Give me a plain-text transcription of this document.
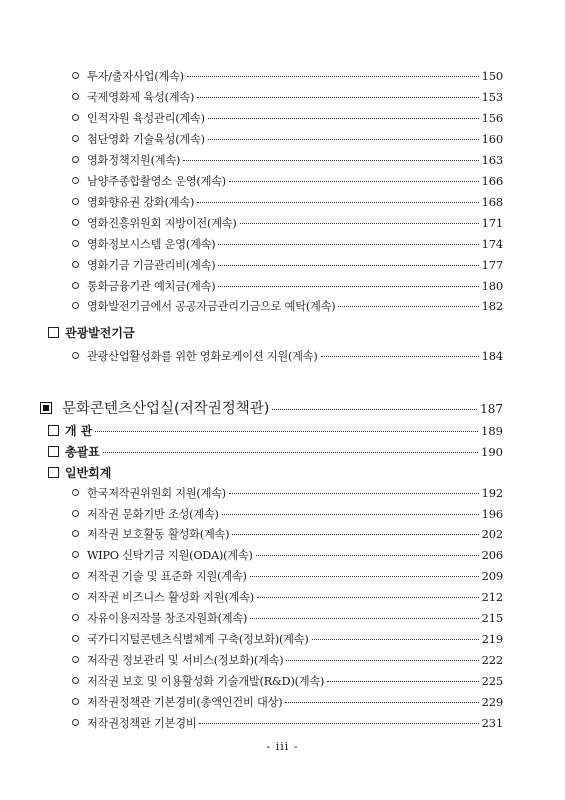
투자/출자사업(계속)	150
국제영화제 육성(계속)	153
인적자원 육성관리(계속)	156
첨단영화 기술육성(계속)	160
영화정책지원(계속)	163
남양주종합촬영소 운영(계속)	166
영화향유권 강화(계속)	168
영화진흥위원회 지방이전(계속)	171
영화정보시스템 운영(계속)	174
영화기금 기금관리비(계속)	177
통화금융기관 예치금(계속)	180
영화발전기금에서 공공자금관리기금으로 예탁(계속)	182
관광발전기금
관광산업활성화를 위한 영화로케이션 지원(계속)	184
문화콘텐츠산업실(저작권정책관)	187
개 관	189
총괄표	190
일반회계
한국저작권위원회 지원(계속)	192
저작권 문화기반 조성(계속)	196
저작권 보호활동 활성화(계속)	202
WIPO 신탁기금 지원(ODA)(계속)	206
저작권 기술 및 표준화 지원(계속)	209
저작권 비즈니스 활성화 지원(계속)	212
자유이용저작물 창조자원화(계속)	215
국가디지털콘텐츠식별체계 구축(정보화)(계속)	219
저작권 정보관리 및 서비스(정보화)(계속)	222
저작권 보호 및 이용활성화 기술개발(R&D)(계속)	225
저작권정책관 기본경비(총액인건비 대상)	229
저작권정책관 기본경비	231
- iii -
